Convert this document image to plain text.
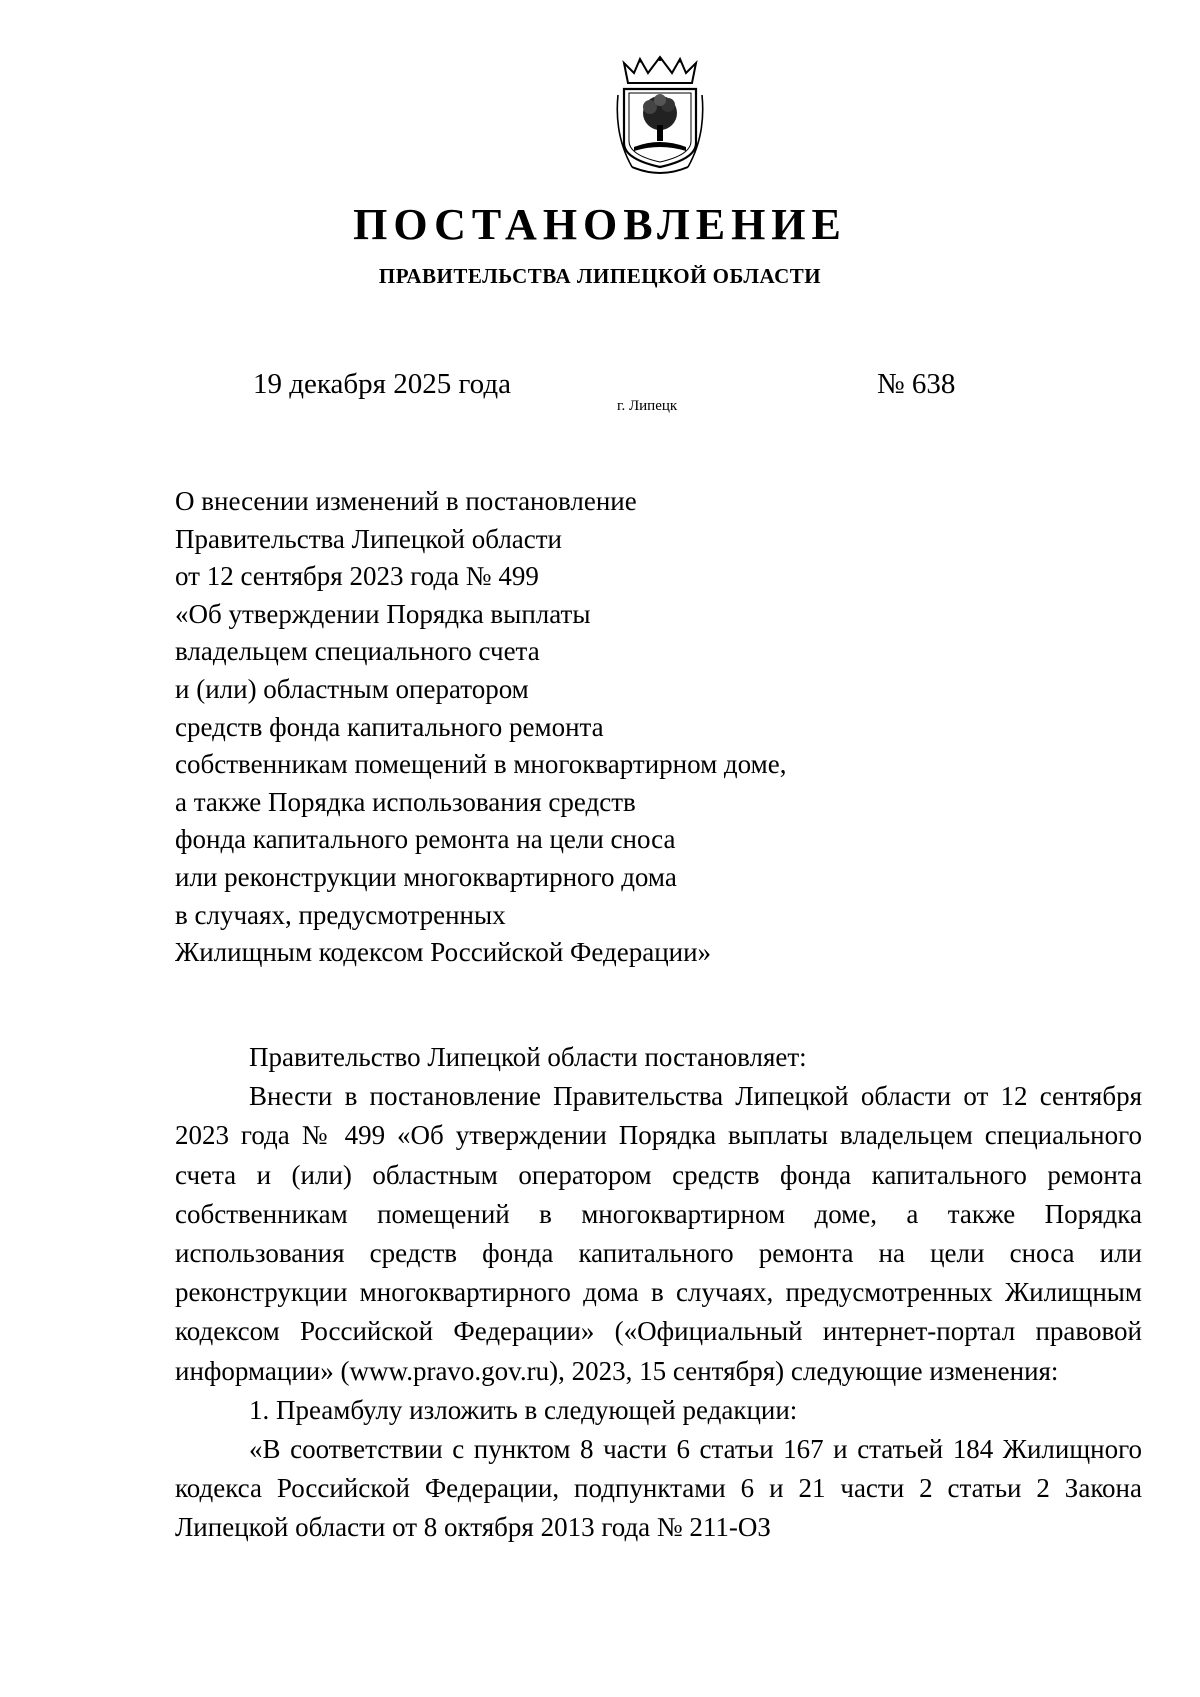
ПОСТАНОВЛЕНИЕ
ПРАВИТЕЛЬСТВА ЛИПЕЦКОЙ ОБЛАСТИ
19 декабря 2025 года
г. Липецк
№ 638
О внесении изменений в постановление
Правительства Липецкой области
от 12 сентября 2023 года № 499
«Об утверждении Порядка выплаты
владельцем специального счета
и (или) областным оператором
средств фонда капитального ремонта
собственникам помещений в многоквартирном доме,
а также Порядка использования средств
фонда капитального ремонта на цели сноса
или реконструкции многоквартирного дома
в случаях, предусмотренных
Жилищным кодексом Российской Федерации»

Правительство Липецкой области постановляет:

Внести в постановление Правительства Липецкой области от 12 сентября 2023 года № 499 «Об утверждении Порядка выплаты владельцем специального счета и (или) областным оператором средств фонда капитального ремонта собственникам помещений в многоквартирном доме, а также Порядка использования средств фонда капитального ремонта на цели сноса или реконструкции многоквартирного дома в случаях, предусмотренных Жилищным кодексом Российской Федерации» («Официальный интернет-портал правовой информации» (www.pravo.gov.ru), 2023, 15 сентября) следующие изменения:

1. Преамбулу изложить в следующей редакции:

«В соответствии с пунктом 8 части 6 статьи 167 и статьей 184 Жилищного кодекса Российской Федерации, подпунктами 6 и 21 части 2 статьи 2 Закона Липецкой области от 8 октября 2013 года № 211-ОЗ
